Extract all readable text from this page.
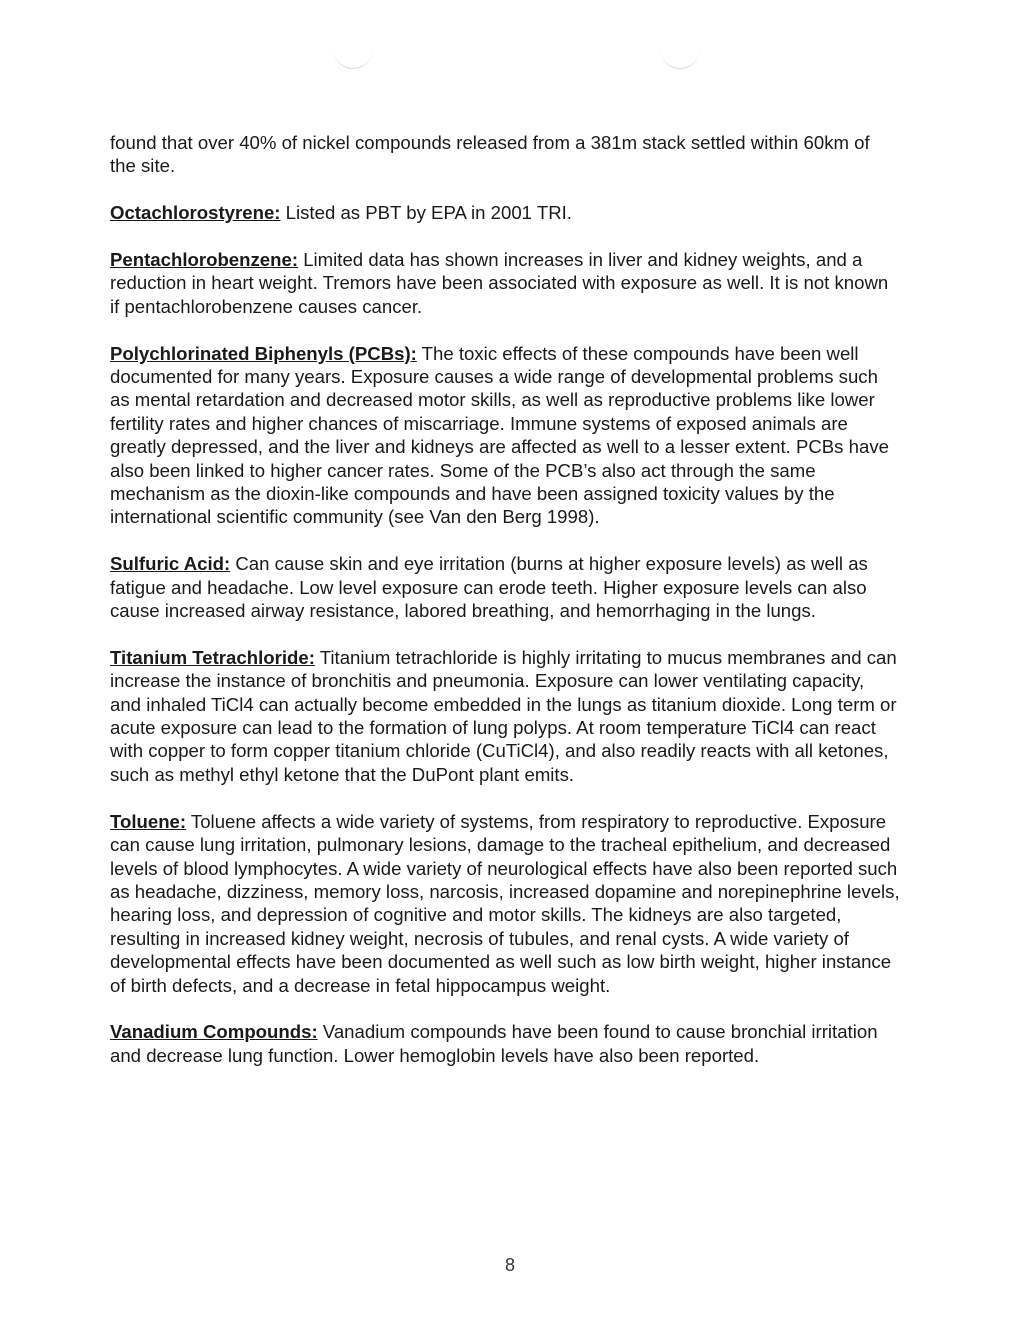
found that over 40% of nickel compounds released from a 381m stack settled within 60km of the site.

Octachlorostyrene: Listed as PBT by EPA in 2001 TRI.

Pentachlorobenzene: Limited data has shown increases in liver and kidney weights, and a reduction in heart weight. Tremors have been associated with exposure as well. It is not known if pentachlorobenzene causes cancer.

Polychlorinated Biphenyls (PCBs): The toxic effects of these compounds have been well documented for many years. Exposure causes a wide range of developmental problems such as mental retardation and decreased motor skills, as well as reproductive problems like lower fertility rates and higher chances of miscarriage. Immune systems of exposed animals are greatly depressed, and the liver and kidneys are affected as well to a lesser extent. PCBs have also been linked to higher cancer rates. Some of the PCB’s also act through the same mechanism as the dioxin-like compounds and have been assigned toxicity values by the international scientific community (see Van den Berg 1998).

Sulfuric Acid: Can cause skin and eye irritation (burns at higher exposure levels) as well as fatigue and headache. Low level exposure can erode teeth. Higher exposure levels can also cause increased airway resistance, labored breathing, and hemorrhaging in the lungs.

Titanium Tetrachloride: Titanium tetrachloride is highly irritating to mucus membranes and can increase the instance of bronchitis and pneumonia. Exposure can lower ventilating capacity, and inhaled TiCl4 can actually become embedded in the lungs as titanium dioxide. Long term or acute exposure can lead to the formation of lung polyps. At room temperature TiCl4 can react with copper to form copper titanium chloride (CuTiCl4), and also readily reacts with all ketones, such as methyl ethyl ketone that the DuPont plant emits.

Toluene: Toluene affects a wide variety of systems, from respiratory to reproductive. Exposure can cause lung irritation, pulmonary lesions, damage to the tracheal epithelium, and decreased levels of blood lymphocytes. A wide variety of neurological effects have also been reported such as headache, dizziness, memory loss, narcosis, increased dopamine and norepinephrine levels, hearing loss, and depression of cognitive and motor skills. The kidneys are also targeted, resulting in increased kidney weight, necrosis of tubules, and renal cysts. A wide variety of developmental effects have been documented as well such as low birth weight, higher instance of birth defects, and a decrease in fetal hippocampus weight.

Vanadium Compounds: Vanadium compounds have been found to cause bronchial irritation and decrease lung function. Lower hemoglobin levels have also been reported.

8
